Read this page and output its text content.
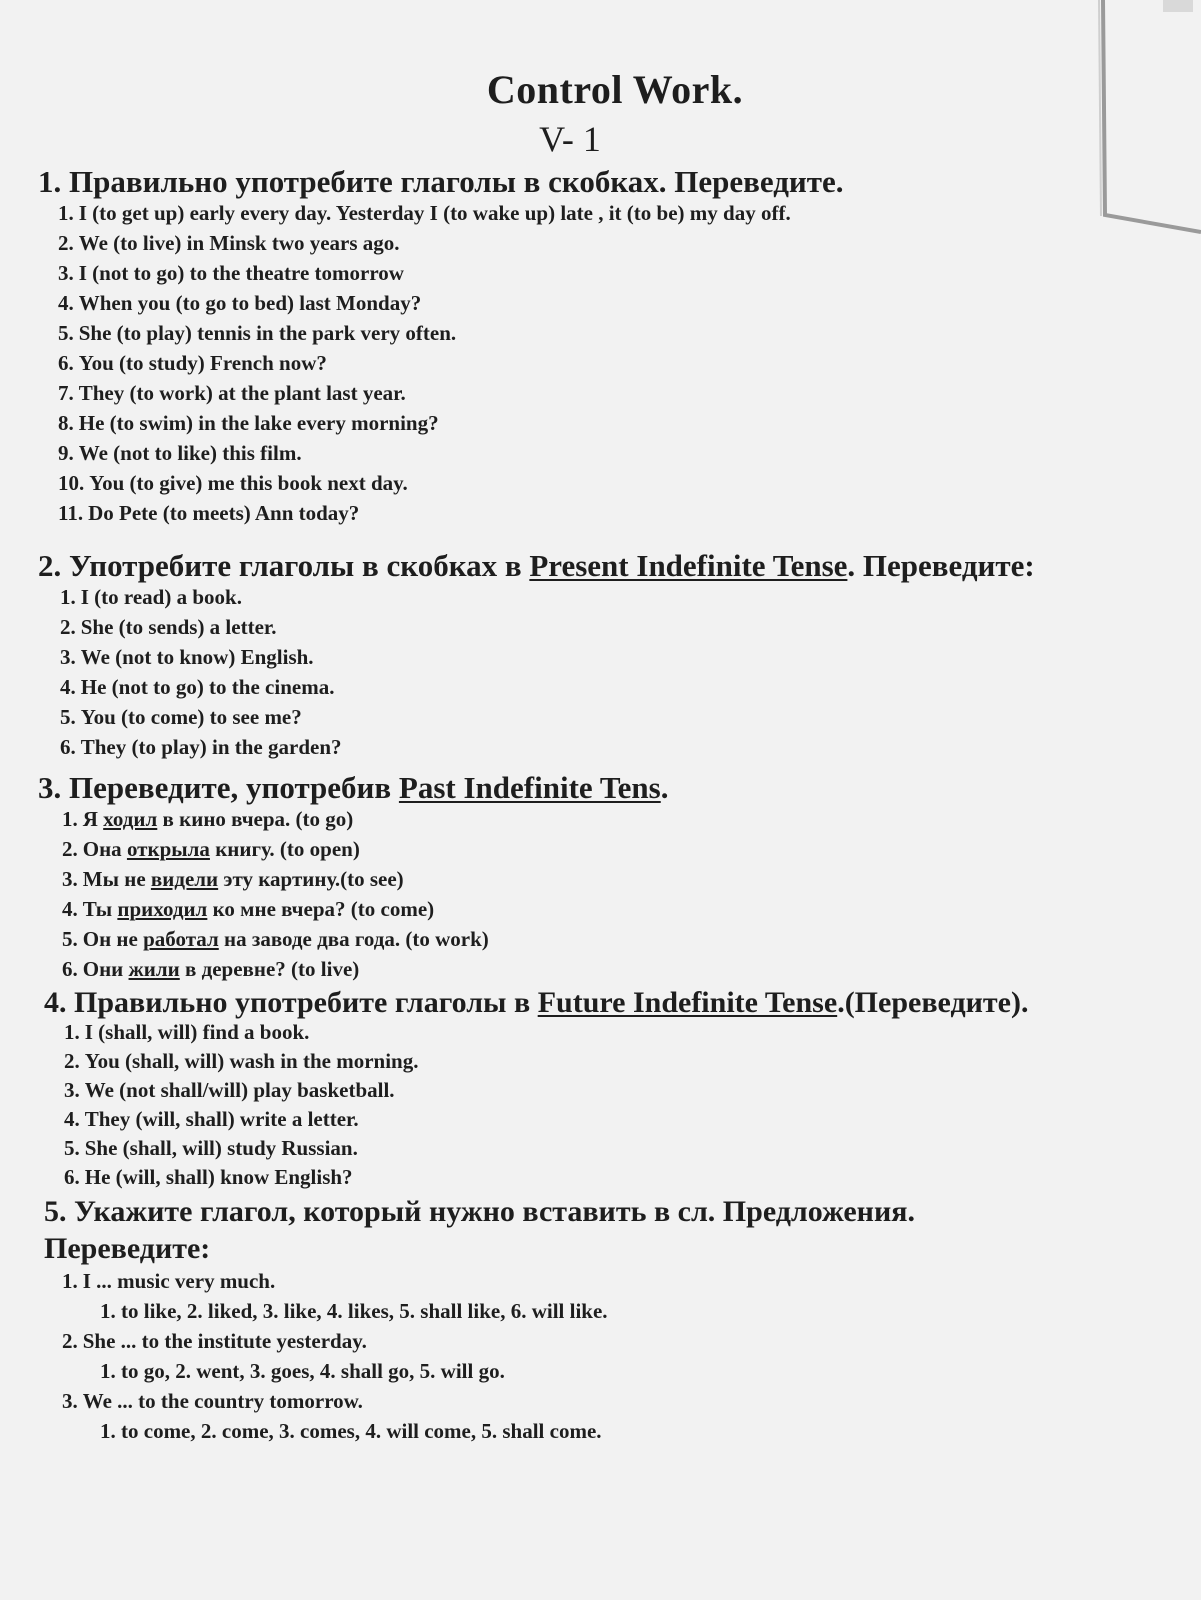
Control Work.
V- 1
1. Правильно употребите глаголы в скобках. Переведите.
1. I (to get up) early every day. Yesterday I (to wake up) late , it (to be) my day off.
2. We (to live) in Minsk two years ago.
3. I (not to go) to the theatre tomorrow
4. When you (to go to bed) last Monday?
5. She (to play) tennis in the park very often.
6. You (to study) French now?
7. They (to work) at the plant last year.
8. He (to swim) in the lake every morning?
9. We (not to like) this film.
10. You (to give) me this book next day.
11. Do Pete (to meets) Ann today?
2. Употребите глаголы в скобках в Present Indefinite Tense. Переведите:
1. I (to read) a book.
2. She (to sends) a letter.
3. We (not to know) English.
4. He (not to go) to the cinema.
5. You (to come) to see me?
6. They (to play) in the garden?
3. Переведите, употребив Past Indefinite Tens.
1. Я ходил в кино вчера. (to go)
2. Она открыла книгу. (to open)
3. Мы не видели эту картину.(to see)
4. Ты приходил ко мне вчера? (to come)
5. Он не работал на заводе два года. (to work)
6. Они жили в деревне? (to live)
4. Правильно употребите глаголы в Future Indefinite Tense.(Переведите).
1. I (shall, will) find a book.
2. You (shall, will) wash in the morning.
3. We (not shall/will) play basketball.
4. They (will, shall) write a letter.
5. She (shall, will) study Russian.
6. He (will, shall) know English?
5. Укажите глагол, который нужно вставить в сл. Предложения.
Переведите:
1. I ... music very much.
1. to like, 2. liked, 3. like, 4. likes, 5. shall like, 6. will like.
2. She ... to the institute yesterday.
1. to go, 2. went, 3. goes, 4. shall go, 5. will go.
3. We ... to the country tomorrow.
1. to come, 2. come, 3. comes, 4. will come, 5. shall come.
